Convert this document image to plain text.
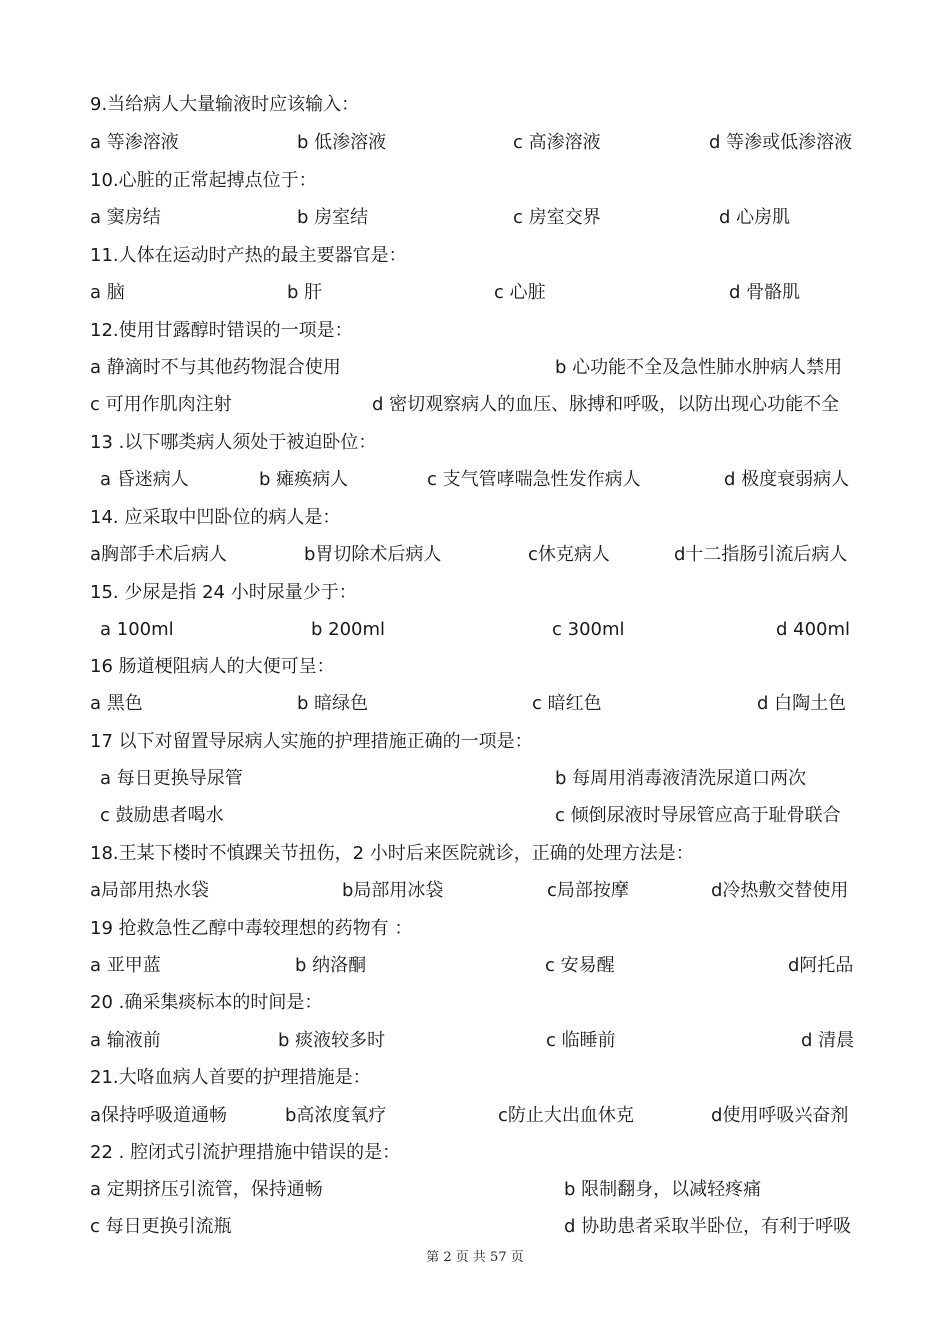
9.当给病人大量输液时应该输入：
a 等渗溶液	b 低渗溶液	c 高渗溶液	d 等渗或低渗溶液
10.心脏的正常起搏点位于：
a 窦房结	b 房室结	c 房室交界	d 心房肌
11.人体在运动时产热的最主要器官是：
a 脑	b 肝	c 心脏	d 骨骼肌
12.使用甘露醇时错误的一项是：
a 静滴时不与其他药物混合使用	b 心功能不全及急性肺水肿病人禁用
c 可用作肌肉注射	d 密切观察病人的血压、脉搏和呼吸，以防出现心功能不全
13 .以下哪类病人须处于被迫卧位：
a 昏迷病人	b 瘫痪病人	c 支气管哮喘急性发作病人	d 极度衰弱病人
14. 应采取中凹卧位的病人是：
a胸部手术后病人	b胃切除术后病人	c休克病人	d十二指肠引流后病人
15. 少尿是指 24 小时尿量少于：
a 100ml	b 200ml	c 300ml	d 400ml
16 肠道梗阻病人的大便可呈：
a 黑色	b 暗绿色	c 暗红色	d 白陶土色
17 以下对留置导尿病人实施的护理措施正确的一项是：
a 每日更换导尿管	b 每周用消毒液清洗尿道口两次
c 鼓励患者喝水	c 倾倒尿液时导尿管应高于耻骨联合
18.王某下楼时不慎踝关节扭伤，2 小时后来医院就诊，正确的处理方法是：
a局部用热水袋	b局部用冰袋	c局部按摩	d冷热敷交替使用
19 抢救急性乙醇中毒较理想的药物有 ：
a 亚甲蓝	b 纳洛酮	c 安易醒	d阿托品
20 .确采集痰标本的时间是：
a 输液前	b 痰液较多时	c 临睡前	d 清晨
21.大咯血病人首要的护理措施是：
a保持呼吸道通畅	b高浓度氧疗	c防止大出血休克	d使用呼吸兴奋剂
22 . 腔闭式引流护理措施中错误的是：
a 定期挤压引流管，保持通畅	b 限制翻身，以减轻疼痛
c 每日更换引流瓶	d 协助患者采取半卧位，有利于呼吸
第 2 页 共 57 页
